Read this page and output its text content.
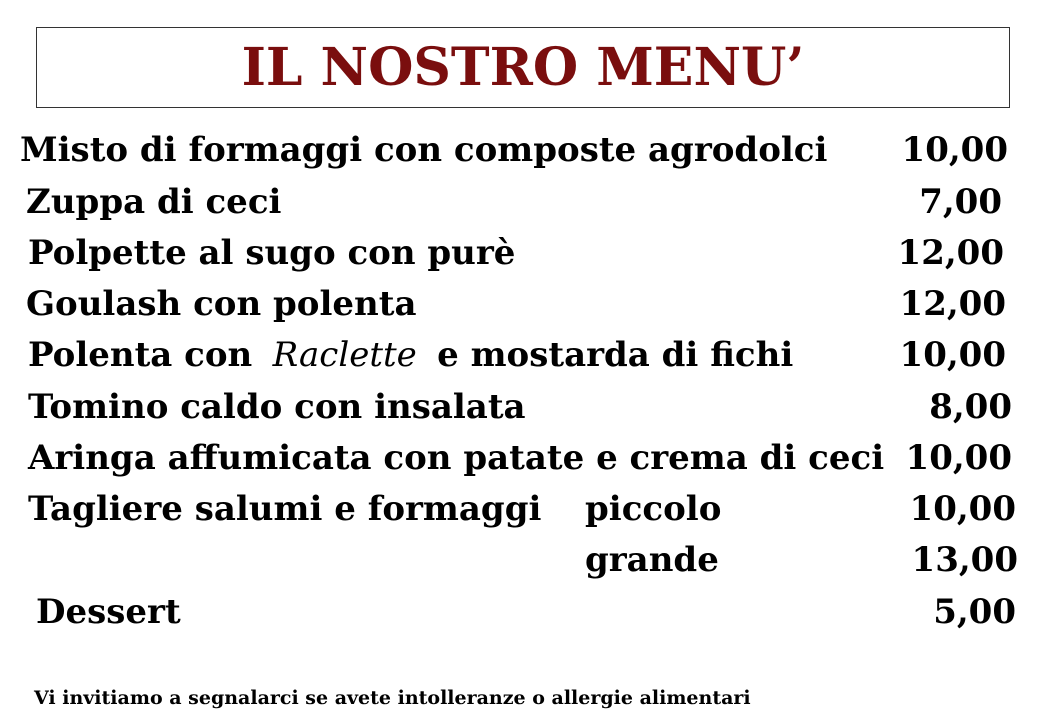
IL NOSTRO MENU’
Misto di formaggi con composte agrodolci	10,00
Zuppa di ceci	7,00
Polpette al sugo con purè	12,00
Goulash con polenta	12,00
Polenta con Raclette e mostarda di fichi	10,00
Tomino caldo con insalata	8,00
Aringa affumicata con patate e crema di ceci 10,00
Tagliere salumi e formaggi piccolo	10,00
grande	13,00
Dessert	5,00
Vi invitiamo a segnalarci se avete intolleranze o allergie alimentari
